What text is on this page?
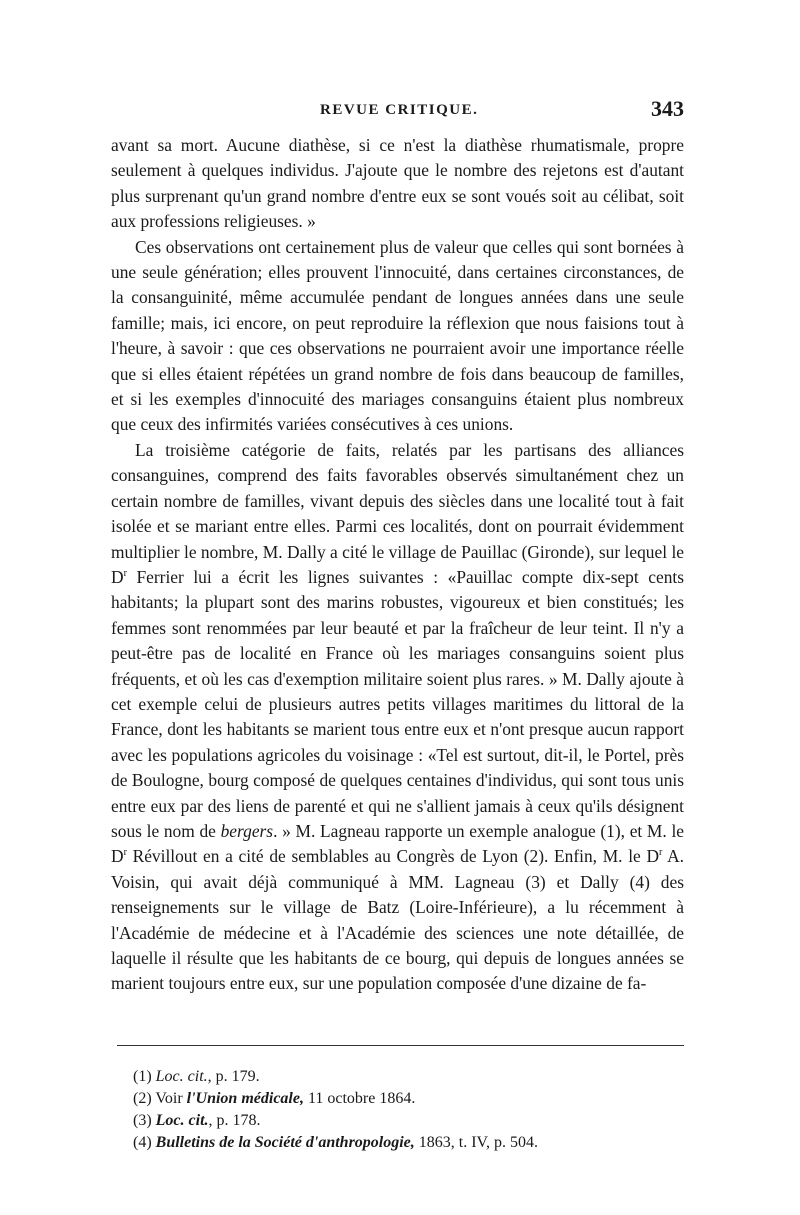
REVUE CRITIQUE.	343

avant sa mort. Aucune diathèse, si ce n'est la diathèse rhumatismale, propre seulement à quelques individus. J'ajoute que le nombre des rejetons est d'autant plus surprenant qu'un grand nombre d'entre eux se sont voués soit au célibat, soit aux professions religieuses. »

Ces observations ont certainement plus de valeur que celles qui sont bornées à une seule génération; elles prouvent l'innocuité, dans certaines circonstances, de la consanguinité, même accumulée pendant de longues années dans une seule famille; mais, ici encore, on peut reproduire la réflexion que nous faisions tout à l'heure, à savoir : que ces observations ne pourraient avoir une importance réelle que si elles étaient répétées un grand nombre de fois dans beaucoup de familles, et si les exemples d'innocuité des mariages consanguins étaient plus nombreux que ceux des infirmités variées consécutives à ces unions.

La troisième catégorie de faits, relatés par les partisans des alliances consanguines, comprend des faits favorables observés simultanément chez un certain nombre de familles, vivant depuis des siècles dans une localité tout à fait isolée et se mariant entre elles. Parmi ces localités, dont on pourrait évidemment multiplier le nombre, M. Dally a cité le village de Pauillac (Gironde), sur lequel le $D^r$ Ferrier lui a écrit les lignes suivantes : «Pauillac compte dix-sept cents habitants; la plupart sont des marins robustes, vigoureux et bien constitués; les femmes sont renommées par leur beauté et par la fraîcheur de leur teint. Il n'y a peut-être pas de localité en France où les mariages consanguins soient plus fréquents, et où les cas d'exemption militaire soient plus rares. » M. Dally ajoute à cet exemple celui de plusieurs autres petits villages maritimes du littoral de la France, dont les habitants se marient tous entre eux et n'ont presque aucun rapport avec les populations agricoles du voisinage : «Tel est surtout, dit-il, le Portel, près de Boulogne, bourg composé de quelques centaines d'individus, qui sont tous unis entre eux par des liens de parenté et qui ne s'allient jamais à ceux qu'ils désignent sous le nom de bergers. » M. Lagneau rapporte un exemple analogue (1), et M. le $D^r$ Révillout en a cité de semblables au Congrès de Lyon (2). Enfin, M. le $D^r$ A. Voisin, qui avait déjà communiqué à MM. Lagneau (3) et Dally (4) des renseignements sur le village de Batz (Loire-Inférieure), a lu récemment à l'Académie de médecine et à l'Académie des sciences une note détaillée, de laquelle il résulte que les habitants de ce bourg, qui depuis de longues années se marient toujours entre eux, sur une population composée d'une dizaine de fa-

(1) Loc. cit., p. 179.
(2) Voir l'Union médicale, 11 octobre 1864.
(3) Loc. cit., p. 178.
(4) Bulletins de la Société d'anthropologie, 1863, t. IV, p. 504.
